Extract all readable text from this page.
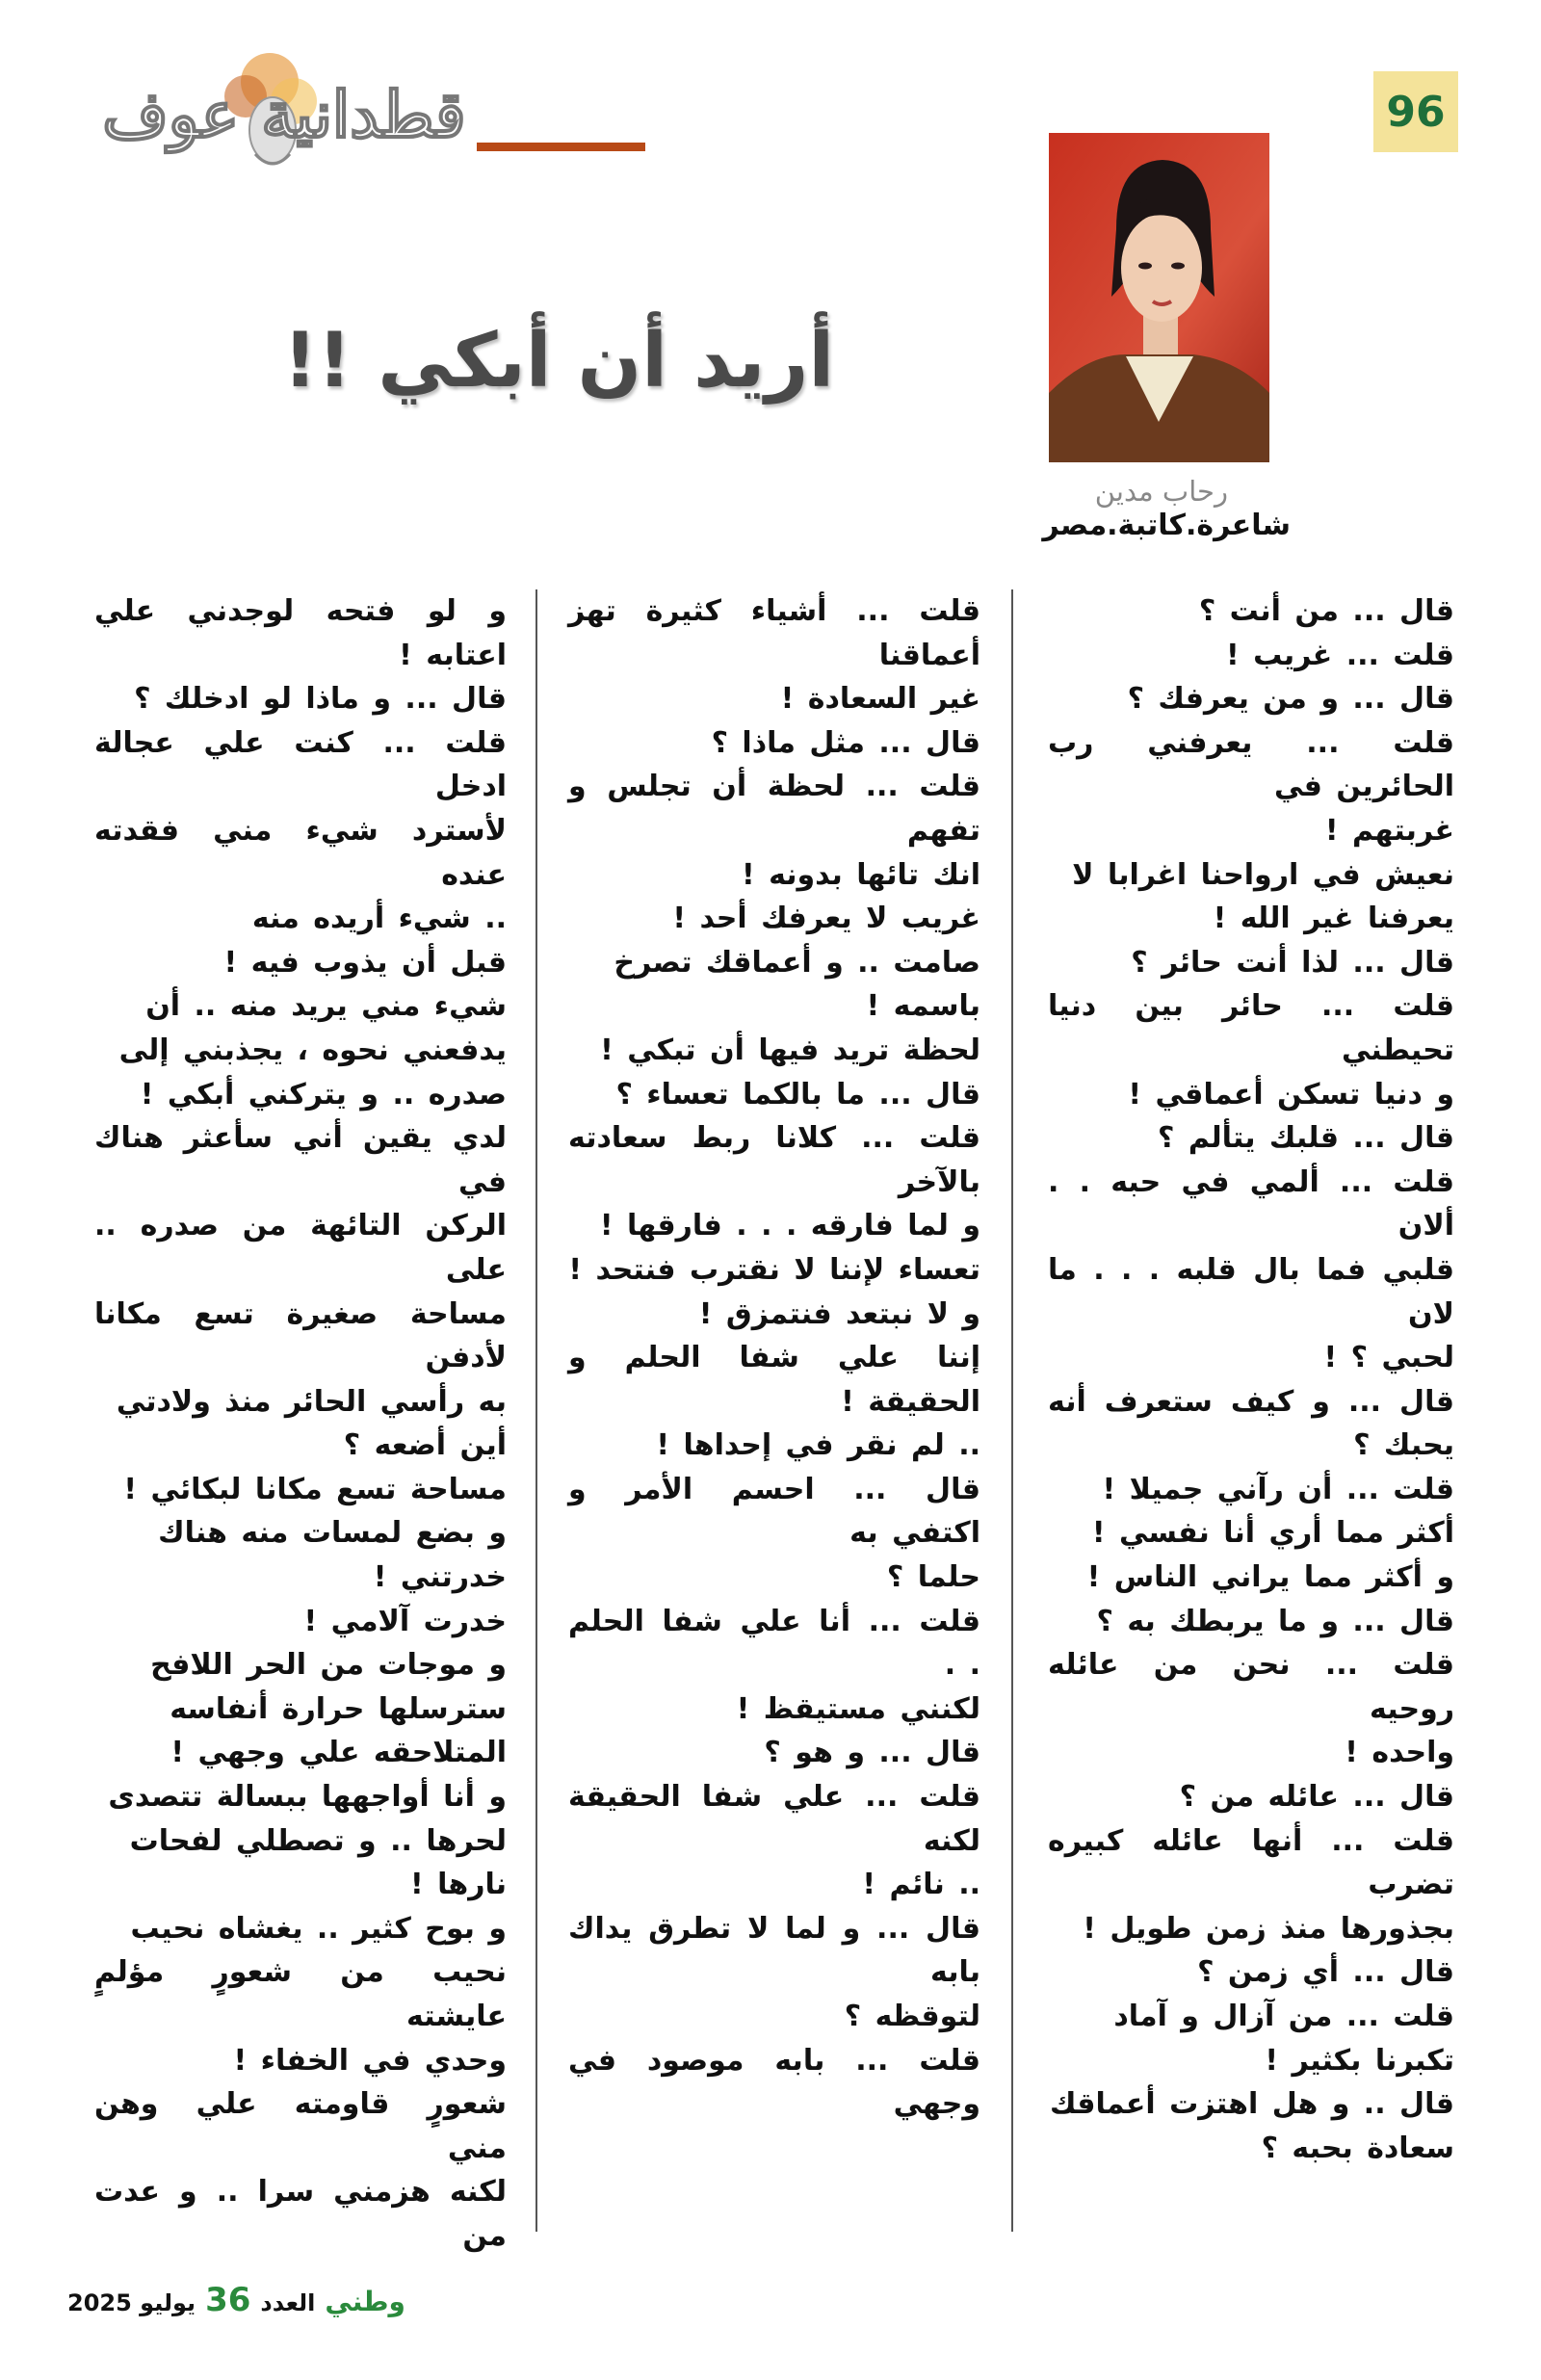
96
قطدانية عوف
أريد أن أبكي !!
رحاب مدين
شاعرة.كاتبة.مصر
قال ... من أنت ؟
قلت ... غريب !
قال ... و من يعرفك ؟
قلت ... يعرفني رب الحائرين في
غربتهم !
نعيش في ارواحنا اغرابا لا
يعرفنا غير الله !
قال ... لذا أنت حائر ؟
قلت ... حائر بين دنيا تحيطني
و دنيا تسكن أعماقي !
قال ... قلبك يتألم ؟
قلت ... ألمي في حبه . . ألان
قلبي فما بال قلبه . . . ما لان
لحبي ؟ !
قال ... و كيف ستعرف أنه يحبك ؟
قلت ... أن رآني جميلا !
أكثر مما أري أنا نفسي !
و أكثر مما يراني الناس !
قال ... و ما يربطك به ؟
قلت ... نحن من عائله روحيه
واحده !
قال ... عائله من ؟
قلت ... أنها عائله كبيره تضرب
بجذورها منذ زمن طويل !
قال ... أي زمن ؟
قلت ... من آزال و آماد
تكبرنا بكثير !
قال .. و هل اهتزت أعماقك
سعادة بحبه ؟
قلت ... أشياء كثيرة تهز أعماقنا
غير السعادة !
قال ... مثل ماذا ؟
قلت ... لحظة أن تجلس و تفهم
انك تائها بدونه !
غريب لا يعرفك أحد !
صامت .. و أعماقك تصرخ
باسمه !
لحظة تريد فيها أن تبكي !
قال ... ما بالكما تعساء ؟
قلت ... كلانا ربط سعادته بالآخر
و لما فارقه . . . فارقها !
تعساء لإننا لا نقترب فنتحد !
و لا نبتعد فنتمزق !
إننا علي شفا الحلم و الحقيقة !
.. لم نقر في إحداها !
قال ... احسم الأمر و اكتفي به
حلما ؟
قلت ... أنا علي شفا الحلم . .
لكنني مستيقظ !
قال ... و هو ؟
قلت ... علي شفا الحقيقة لكنه
.. نائم !
قال ... و لما لا تطرق يداك بابه
لتوقظه ؟
قلت ... بابه موصود في وجهي
و لو فتحه لوجدني علي اعتابه !
قال ... و ماذا لو ادخلك ؟
قلت ... كنت علي عجالة ادخل
لأسترد شيء مني فقدته عنده
.. شيء أريده منه
قبل أن يذوب فيه !
شيء مني يريد منه .. أن
يدفعني نحوه ، يجذبني إلى
صدره .. و يتركني أبكي !
لدي يقين أني سأعثر هناك في
الركن التائهة من صدره .. على
مساحة صغيرة تسع مكانا لأدفن
به رأسي الحائر منذ ولادتي
أين أضعه ؟
مساحة تسع مكانا لبكائي !
و بضع لمسات منه هناك
خدرتني !
خدرت آلامي !
و موجات من الحر اللافح
سترسلها حرارة أنفاسه
المتلاحقه علي وجهي !
و أنا أواجهها ببسالة تتصدى
لحرها .. و تصطلي لفحات
نارها !
و بوح كثير .. يغشاه نحيب
نحيب من شعورٍ مؤلمٍ عايشته
وحدي في الخفاء !
شعورٍ قاومته علي وهن مني
لكنه هزمني سرا .. و عدت من
وطني
العدد
36
يوليو 2025
